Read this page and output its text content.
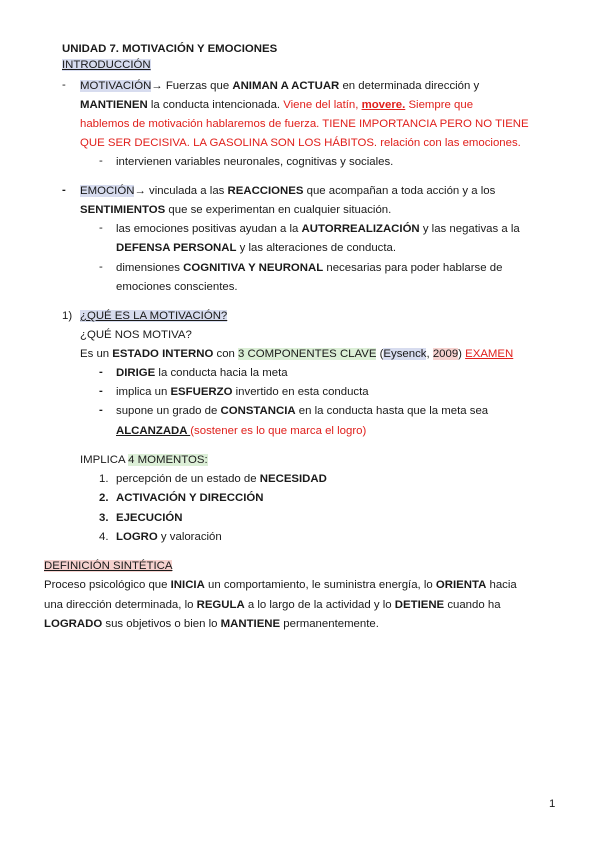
UNIDAD 7. MOTIVACIÓN Y EMOCIONES
INTRODUCCIÓN
- MOTIVACIÓN→ Fuerzas que ANIMAN A ACTUAR en determinada dirección y
MANTIENEN la conducta intencionada. Viene del latín, movere. Siempre que
hablemos de motivación hablaremos de fuerza. TIENE IMPORTANCIA PERO NO TIENE
QUE SER DECISIVA. LA GASOLINA SON LOS HÁBITOS. relación con las emociones.
- intervienen variables neuronales, cognitivas y sociales.
- EMOCIÓN→ vinculada a las REACCIONES que acompañan a toda acción y a los
SENTIMIENTOS que se experimentan en cualquier situación.
- las emociones positivas ayudan a la AUTORREALIZACIÓN y las negativas a la
DEFENSA PERSONAL y las alteraciones de conducta.
- dimensiones COGNITIVA Y NEURONAL necesarias para poder hablarse de
emociones conscientes.
1) ¿QUÉ ES LA MOTIVACIÓN?
¿QUÉ NOS MOTIVA?
Es un ESTADO INTERNO con 3 COMPONENTES CLAVE (Eysenck, 2009) EXAMEN
- DIRIGE la conducta hacia la meta
- implica un ESFUERZO invertido en esta conducta
- supone un grado de CONSTANCIA en la conducta hasta que la meta sea
ALCANZADA (sostener es lo que marca el logro)
IMPLICA 4 MOMENTOS:
1. percepción de un estado de NECESIDAD
2. ACTIVACIÓN Y DIRECCIÓN
3. EJECUCIÓN
4. LOGRO y valoración
DEFINICIÓN SINTÉTICA
Proceso psicológico que INICIA un comportamiento, le suministra energía, lo ORIENTA hacia
una dirección determinada, lo REGULA a lo largo de la actividad y lo DETIENE cuando ha
LOGRADO sus objetivos o bien lo MANTIENE permanentemente.
1
